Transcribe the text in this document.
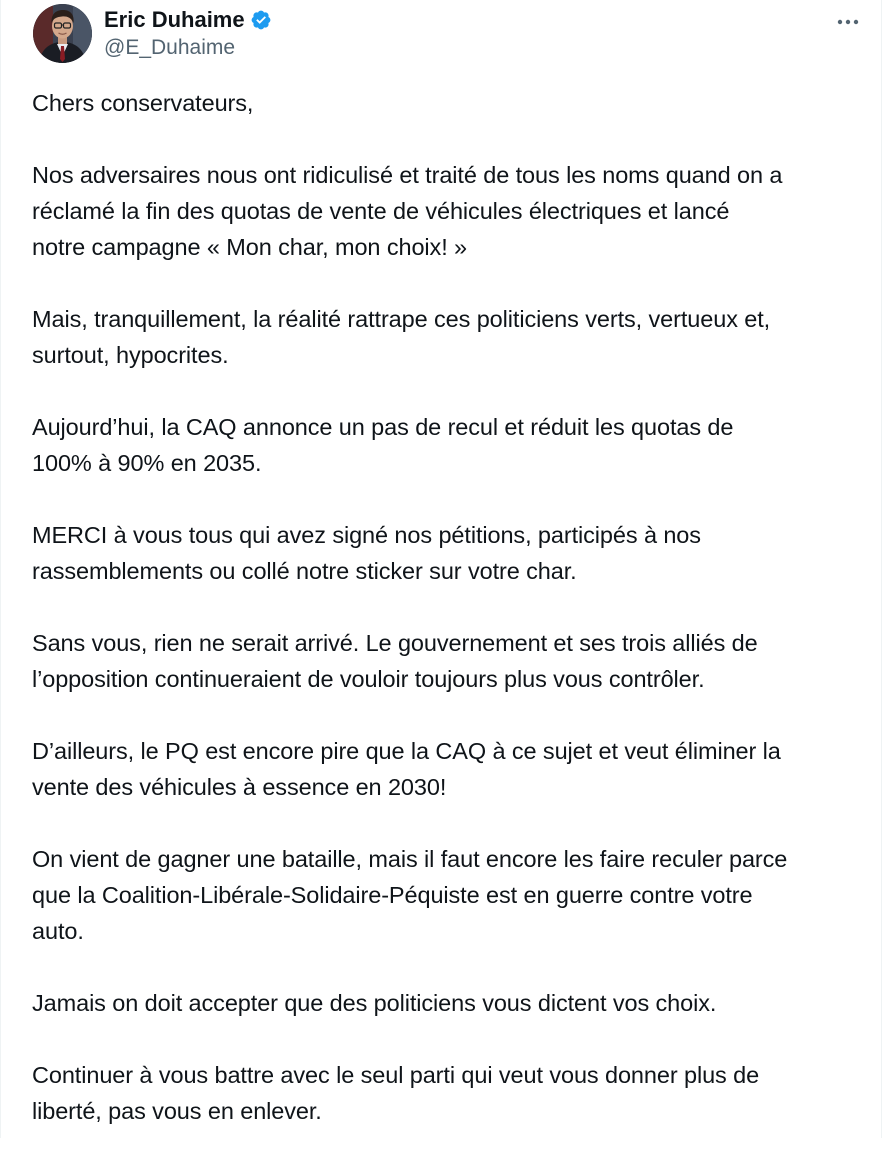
Eric Duhaime
@E_Duhaime

Chers conservateurs,

Nos adversaires nous ont ridiculisé et traité de tous les noms quand on a
réclamé la fin des quotas de vente de véhicules électriques et lancé
notre campagne « Mon char, mon choix! »

Mais, tranquillement, la réalité rattrape ces politiciens verts, vertueux et,
surtout, hypocrites.

Aujourd’hui, la CAQ annonce un pas de recul et réduit les quotas de
100% à 90% en 2035.

MERCI à vous tous qui avez signé nos pétitions, participés à nos
rassemblements ou collé notre sticker sur votre char.

Sans vous, rien ne serait arrivé. Le gouvernement et ses trois alliés de
l’opposition continueraient de vouloir toujours plus vous contrôler.

D’ailleurs, le PQ est encore pire que la CAQ à ce sujet et veut éliminer la
vente des véhicules à essence en 2030!

On vient de gagner une bataille, mais il faut encore les faire reculer parce
que la Coalition-Libérale-Solidaire-Péquiste est en guerre contre votre
auto.

Jamais on doit accepter que des politiciens vous dictent vos choix.

Continuer à vous battre avec le seul parti qui veut vous donner plus de
liberté, pas vous en enlever.
